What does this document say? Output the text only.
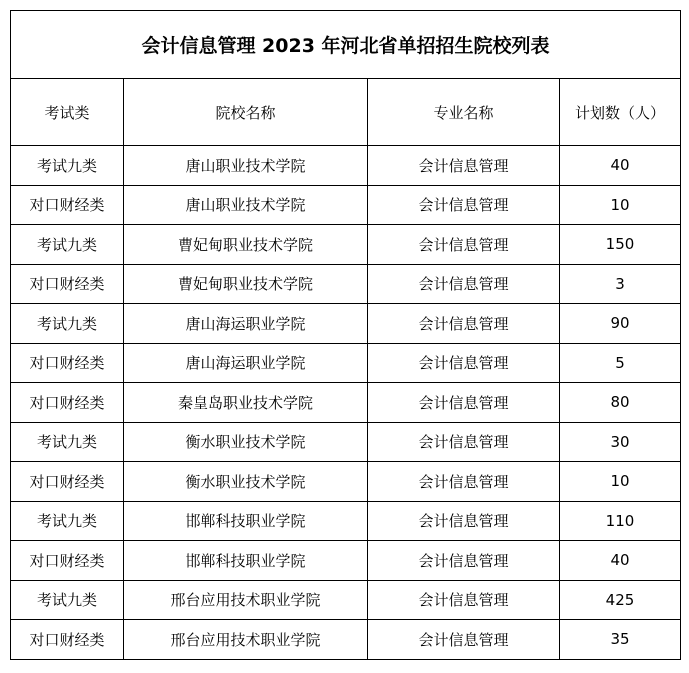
会计信息管理 2023 年河北省单招招生院校列表			
考试类	院校名称	专业名称	计划数（人）
考试九类	唐山职业技术学院	会计信息管理	40
对口财经类	唐山职业技术学院	会计信息管理	10
考试九类	曹妃甸职业技术学院	会计信息管理	150
对口财经类	曹妃甸职业技术学院	会计信息管理	3
考试九类	唐山海运职业学院	会计信息管理	90
对口财经类	唐山海运职业学院	会计信息管理	5
对口财经类	秦皇岛职业技术学院	会计信息管理	80
考试九类	衡水职业技术学院	会计信息管理	30
对口财经类	衡水职业技术学院	会计信息管理	10
考试九类	邯郸科技职业学院	会计信息管理	110
对口财经类	邯郸科技职业学院	会计信息管理	40
考试九类	邢台应用技术职业学院	会计信息管理	425
对口财经类	邢台应用技术职业学院	会计信息管理	35
